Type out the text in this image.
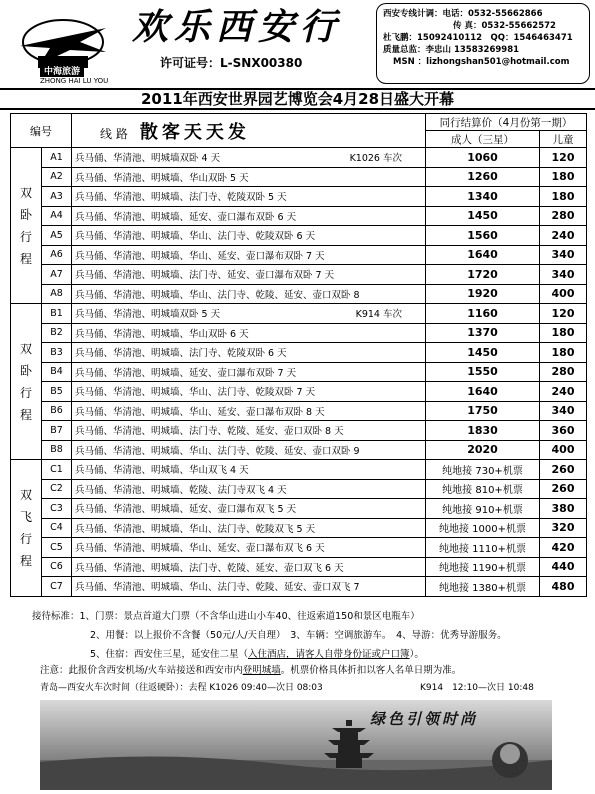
中海旅游
ZHONG HAI LU YOU
欢乐西安行
许可证号：L-SNX00380
西安专线计调：电话：0532-55662866
传 真：0532-55662572
杜飞鹏：15092410112　QQ：1546463471
质量总监：李忠山 13583269981
MSN ：lizhongshan501@hotmail.com
2011年西安世界园艺博览会4月28日盛大开幕
编号		线 路 散客天天发	同行结算价（4月份第一期）	
			成人（三星）	儿童
双卧行程	A1	兵马俑、华清池、明城墙双卧 4 天 K1026 车次	1060	120
	A2	兵马俑、华清池、明城墙、华山双卧 5 天	1260	180
	A3	兵马俑、华清池、明城墙、法门寺、乾陵双卧 5 天	1340	180
	A4	兵马俑、华清池、明城墙、延安、壶口瀑布双卧 6 天	1450	280
	A5	兵马俑、华清池、明城墙、华山、法门寺、乾陵双卧 6 天	1560	240
	A6	兵马俑、华清池、明城墙、华山、延安、壶口瀑布双卧 7 天	1640	340
	A7	兵马俑、华清池、明城墙、法门寺、延安、壶口瀑布双卧 7 天	1720	340
	A8	兵马俑、华清池、明城墙、华山、法门寺、乾陵、延安、壶口双卧 8	1920	400
双卧行程	B1	兵马俑、华清池、明城墙双卧 5 天 K914 车次	1160	120
	B2	兵马俑、华清池、明城墙、华山双卧 6 天	1370	180
	B3	兵马俑、华清池、明城墙、法门寺、乾陵双卧 6 天	1450	180
	B4	兵马俑、华清池、明城墙、延安、壶口瀑布双卧 7 天	1550	280
	B5	兵马俑、华清池、明城墙、华山、法门寺、乾陵双卧 7 天	1640	240
	B6	兵马俑、华清池、明城墙、华山、延安、壶口瀑布双卧 8 天	1750	340
	B7	兵马俑、华清池、明城墙、法门寺、乾陵、延安、壶口双卧 8 天	1830	360
	B8	兵马俑、华清池、明城墙、华山、法门寺、乾陵、延安、壶口双卧 9	2020	400
双飞行程	C1	兵马俑、华清池、明城墙、华山双飞 4 天	纯地接 730+机票	260
	C2	兵马俑、华清池、明城墙、乾陵、法门寺双飞 4 天	纯地接 810+机票	260
	C3	兵马俑、华清池、明城墙、延安、壶口瀑布双飞 5 天	纯地接 910+机票	380
	C4	兵马俑、华清池、明城墙、华山、法门寺、乾陵双飞 5 天	纯地接 1000+机票	320
	C5	兵马俑、华清池、明城墙、华山、延安、壶口瀑布双飞 6 天	纯地接 1110+机票	420
	C6	兵马俑、华清池、明城墙、法门寺、乾陵、延安、壶口双飞 6 天	纯地接 1190+机票	440
	C7	兵马俑、华清池、明城墙、华山、法门寺、乾陵、延安、壶口双飞 7	纯地接 1380+机票	480
接待标准：1、门票：景点首道大门票（不含华山进山小车40、往返索道150和景区电瓶车）
2、用餐：以上报价不含餐（50元/人/天自理）　3、车辆：空调旅游车。　4、导游：优秀导游服务。
5、住宿：西安住三星，延安住二星（入住酒店，请客人自带身份证或户口簿）。
注意：此报价含西安机场/火车站接送和西安市内登明城墙。机票价格具体折扣以客人名单日期为准。
青岛—西安火车次时间（往返硬卧）：去程 K1026 09:40—次日 08:03	K914　12:10—次日 10:48
绿色引领时尚
